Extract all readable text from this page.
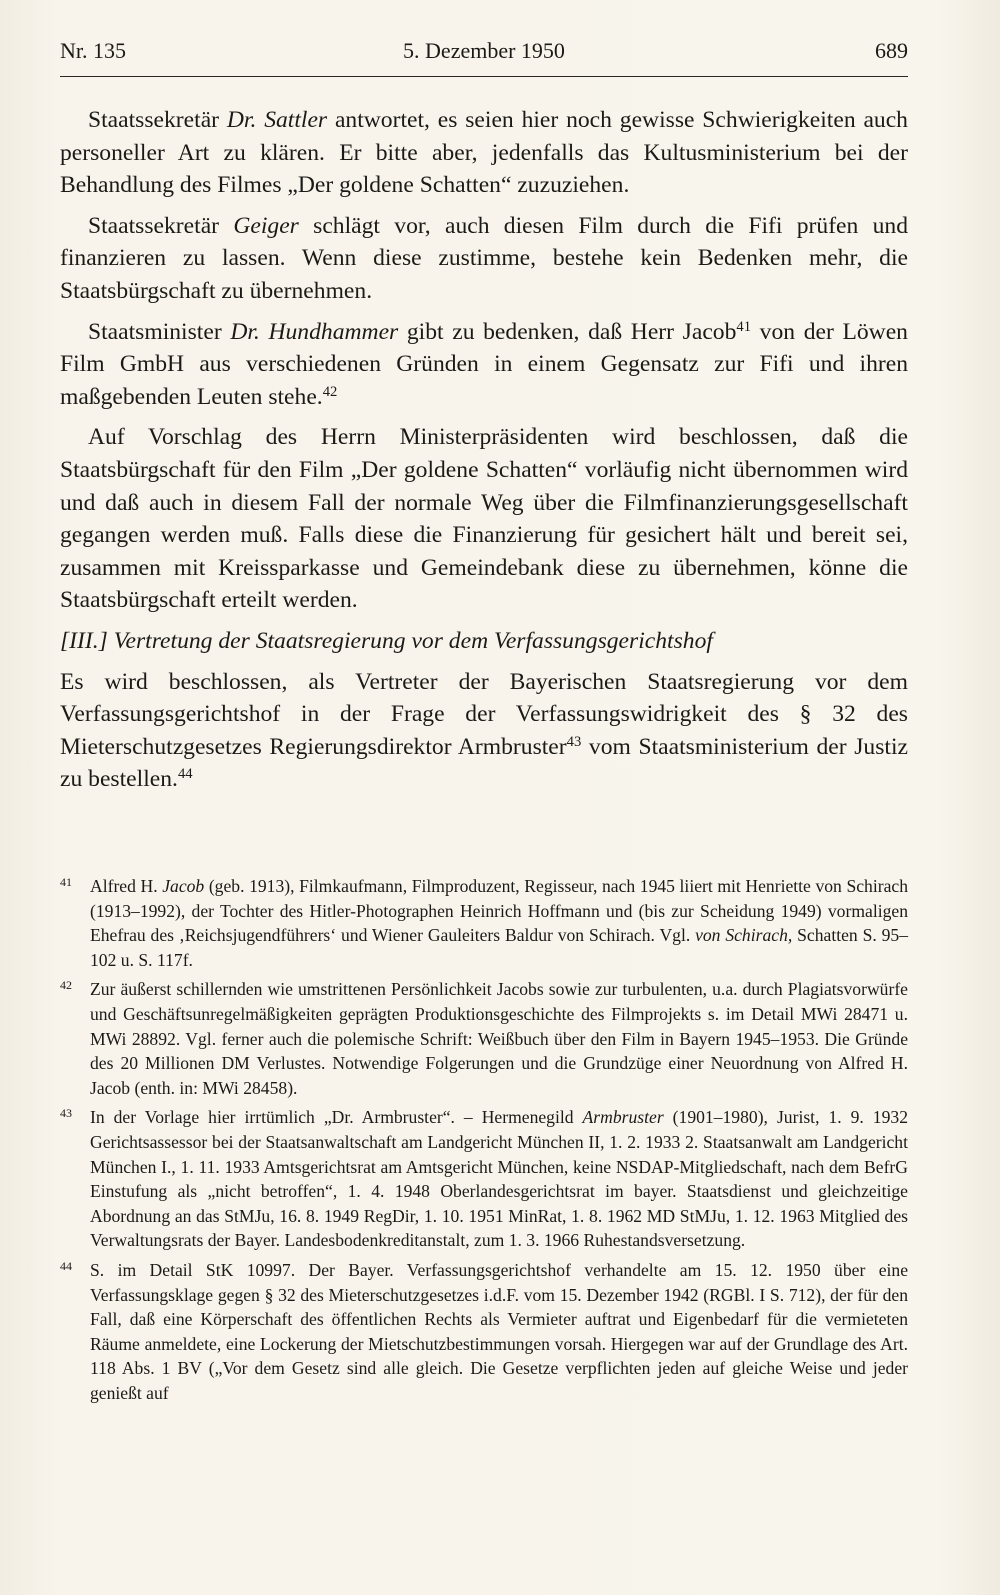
Nr. 135	5. Dezember 1950	689

Staatssekretär Dr. Sattler antwortet, es seien hier noch gewisse Schwierigkeiten auch personeller Art zu klären. Er bitte aber, jedenfalls das Kultusministerium bei der Behandlung des Filmes „Der goldene Schatten“ zuzuziehen.

Staatssekretär Geiger schlägt vor, auch diesen Film durch die Fifi prüfen und finanzieren zu lassen. Wenn diese zustimme, bestehe kein Bedenken mehr, die Staatsbürgschaft zu übernehmen.

Staatsminister Dr. Hundhammer gibt zu bedenken, daß Herr Jacob$^{41}$ von der Löwen Film GmbH aus verschiedenen Gründen in einem Gegensatz zur Fifi und ihren maßgebenden Leuten stehe.$^{42}$

Auf Vorschlag des Herrn Ministerpräsidenten wird beschlossen, daß die Staatsbürgschaft für den Film „Der goldene Schatten“ vorläufig nicht übernommen wird und daß auch in diesem Fall der normale Weg über die Filmfinanzierungsgesellschaft gegangen werden muß. Falls diese die Finanzierung für gesichert hält und bereit sei, zusammen mit Kreissparkasse und Gemeindebank diese zu übernehmen, könne die Staatsbürgschaft erteilt werden.

[III.] Vertretung der Staatsregierung vor dem Verfassungsgerichtshof

Es wird beschlossen, als Vertreter der Bayerischen Staatsregierung vor dem Verfassungsgerichtshof in der Frage der Verfassungswidrigkeit des § 32 des Mieterschutzgesetzes Regierungsdirektor Armbruster$^{43}$ vom Staatsministerium der Justiz zu bestellen.$^{44}$

41 Alfred H. Jacob (geb. 1913), Filmkaufmann, Filmproduzent, Regisseur, nach 1945 liiert mit Henriette von Schirach (1913–1992), der Tochter des Hitler-Photographen Heinrich Hoffmann und (bis zur Scheidung 1949) vormaligen Ehefrau des ‚Reichsjugendführers‘ und Wiener Gauleiters Baldur von Schirach. Vgl. von Schirach, Schatten S. 95–102 u. S. 117f.
42 Zur äußerst schillernden wie umstrittenen Persönlichkeit Jacobs sowie zur turbulenten, u.a. durch Plagiatsvorwürfe und Geschäftsunregelmäßigkeiten geprägten Produktionsgeschichte des Filmprojekts s. im Detail MWi 28471 u. MWi 28892. Vgl. ferner auch die polemische Schrift: Weißbuch über den Film in Bayern 1945–1953. Die Gründe des 20 Millionen DM Verlustes. Notwendige Folgerungen und die Grundzüge einer Neuordnung von Alfred H. Jacob (enth. in: MWi 28458).
43 In der Vorlage hier irrtümlich „Dr. Armbruster“. – Hermenegild Armbruster (1901–1980), Jurist, 1. 9. 1932 Gerichtsassessor bei der Staatsanwaltschaft am Landgericht München II, 1. 2. 1933 2. Staatsanwalt am Landgericht München I., 1. 11. 1933 Amtsgerichtsrat am Amtsgericht München, keine NSDAP-Mitgliedschaft, nach dem BefrG Einstufung als „nicht betroffen“, 1. 4. 1948 Oberlandesgerichtsrat im bayer. Staatsdienst und gleichzeitige Abordnung an das StMJu, 16. 8. 1949 RegDir, 1. 10. 1951 MinRat, 1. 8. 1962 MD StMJu, 1. 12. 1963 Mitglied des Verwaltungsrats der Bayer. Landesbodenkreditanstalt, zum 1. 3. 1966 Ruhestandsversetzung.
44 S. im Detail StK 10997. Der Bayer. Verfassungsgerichtshof verhandelte am 15. 12. 1950 über eine Verfassungsklage gegen § 32 des Mieterschutzgesetzes i.d.F. vom 15. Dezember 1942 (RGBl. I S. 712), der für den Fall, daß eine Körperschaft des öffentlichen Rechts als Vermieter auftrat und Eigenbedarf für die vermieteten Räume anmeldete, eine Lockerung der Mietschutzbestimmungen vorsah. Hiergegen war auf der Grundlage des Art. 118 Abs. 1 BV („Vor dem Gesetz sind alle gleich. Die Gesetze verpflichten jeden auf gleiche Weise und jeder genießt auf
